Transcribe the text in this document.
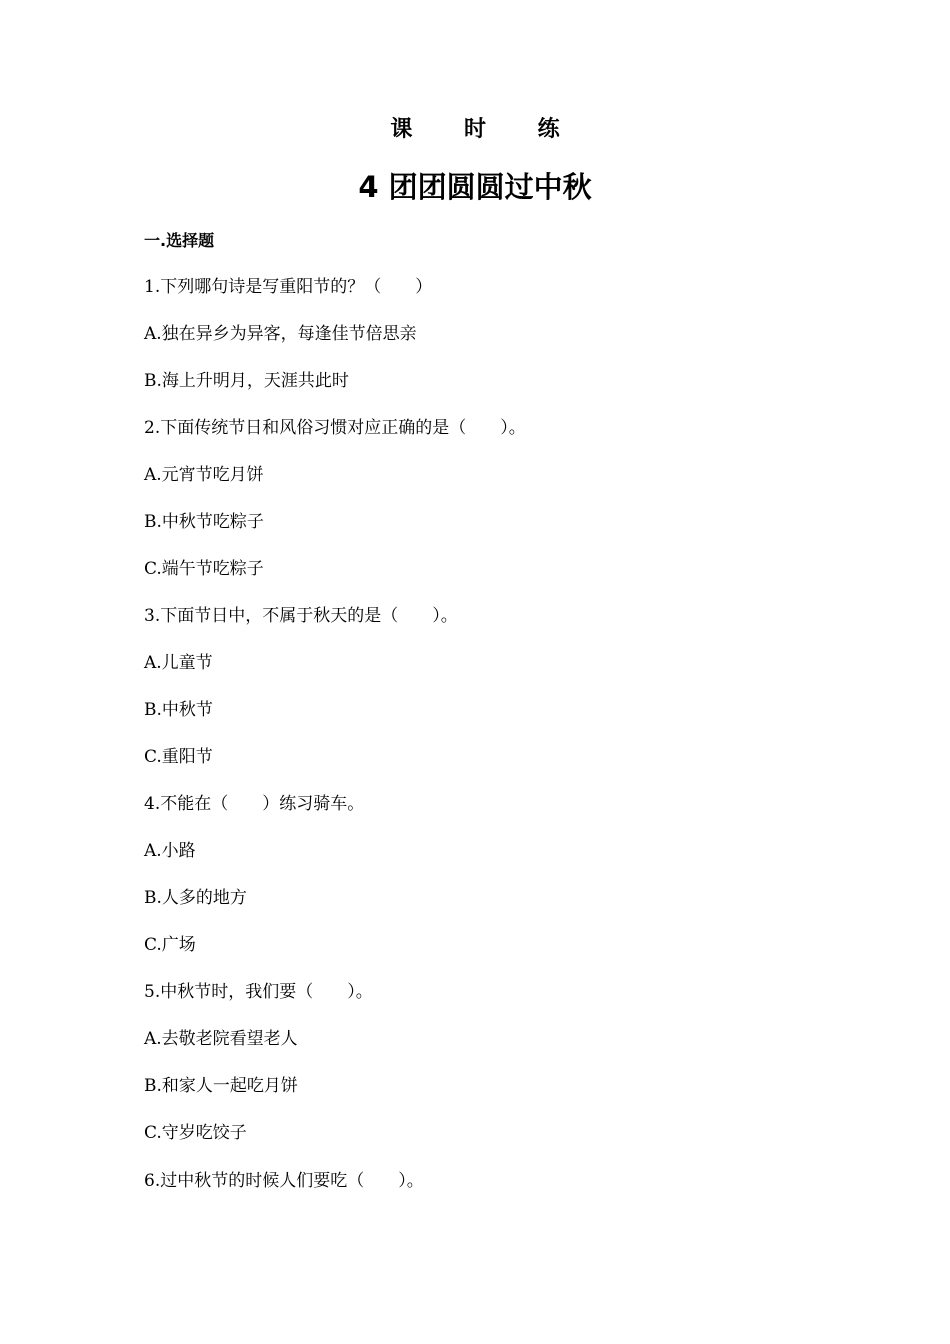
课 时 练
4 团团圆圆过中秋
一.选择题
1.下列哪句诗是写重阳节的？（　　）
A.独在异乡为异客，每逢佳节倍思亲
B.海上升明月，天涯共此时
2.下面传统节日和风俗习惯对应正确的是（　　）。
A.元宵节吃月饼
B.中秋节吃粽子
C.端午节吃粽子
3.下面节日中，不属于秋天的是（　　）。
A.儿童节
B.中秋节
C.重阳节
4.不能在（　　）练习骑车。
A.小路
B.人多的地方
C.广场
5.中秋节时，我们要（　　）。
A.去敬老院看望老人
B.和家人一起吃月饼
C.守岁吃饺子
6.过中秋节的时候人们要吃（　　）。
